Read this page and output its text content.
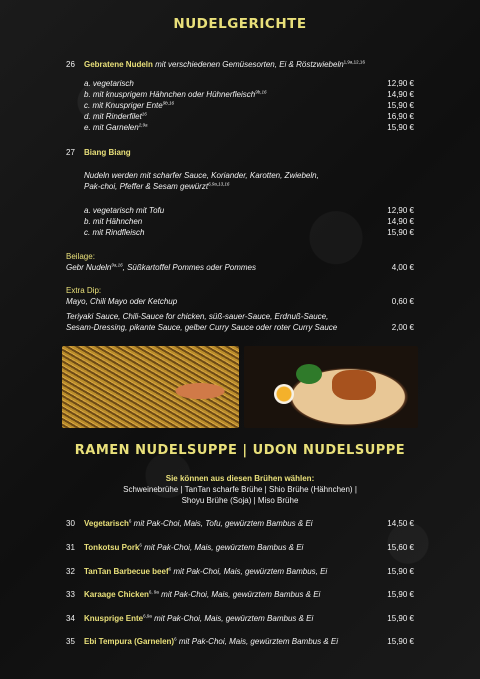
NUDELGERICHTE
26 Gebratene Nudeln mit verschiedenen Gemüsesorten, Ei & Röstzwiebeln$^{1,9a,12,16}$
a. vegetarisch	12,90 €
b. mit knusprigem Hähnchen oder Hühnerfleisch$^{9b,16}$	14,90 €
c. mit Knuspriger Ente$^{9b,16}$	15,90 €
d. mit Rinderfilet$^{16}$	16,90 €
e. mit Garnelen$^{2,9a}$	15,90 €
27 Biang Biang
Nudeln werden mit scharfer Sauce, Koriander, Karotten, Zwiebeln,
Pak-choi, Pfeffer & Sesam gewürzt$^{6,9a,13,16}$
a. vegetarisch mit Tofu	12,90 €
b. mit Hähnchen	14,90 €
c. mit Rindfleisch	15,90 €
Beilage:
Gebr Nudeln$^{9a,16}$, Süßkartoffel Pommes oder Pommes	4,00 €
Extra Dip:
Mayo, Chili Mayo oder Ketchup	0,60 €
Teriyaki Sauce, Chili-Sauce for chicken, süß-sauer-Sauce, Erdnuß-Sauce,
Sesam-Dressing, pikante Sauce, gelber Curry Sauce oder roter Curry Sauce	2,00 €
RAMEN NUDELSUPPE | UDON NUDELSUPPE
Sie können aus diesen Brühen wählen:
Schweinebrühe | TanTan scharfe Brühe | Shio Brühe (Hähnchen) |
Shoyu Brühe (Soja) | Miso Brühe
30 Vegetarisch$^6$ mit Pak-Choi, Mais, Tofu, gewürztem Bambus & Ei	14,50 €
31 Tonkotsu Pork$^6$ mit Pak-Choi, Mais, gewürztem Bambus & Ei	15,60 €
32 TanTan Barbecue beef$^6$ mit Pak-Choi, Mais, gewürztem Bambus, Ei	15,90 €
33 Karaage Chicken$^{6, 9a}$ mit Pak-Choi, Mais, gewürztem Bambus & Ei	15,90 €
34 Knusprige Ente$^{6,9a}$ mit Pak-Choi, Mais, gewürztem Bambus & Ei	15,90 €
35 Ebi Tempura (Garnelen)$^6$ mit Pak-Choi, Mais, gewürztem Bambus & Ei	15,90 €
